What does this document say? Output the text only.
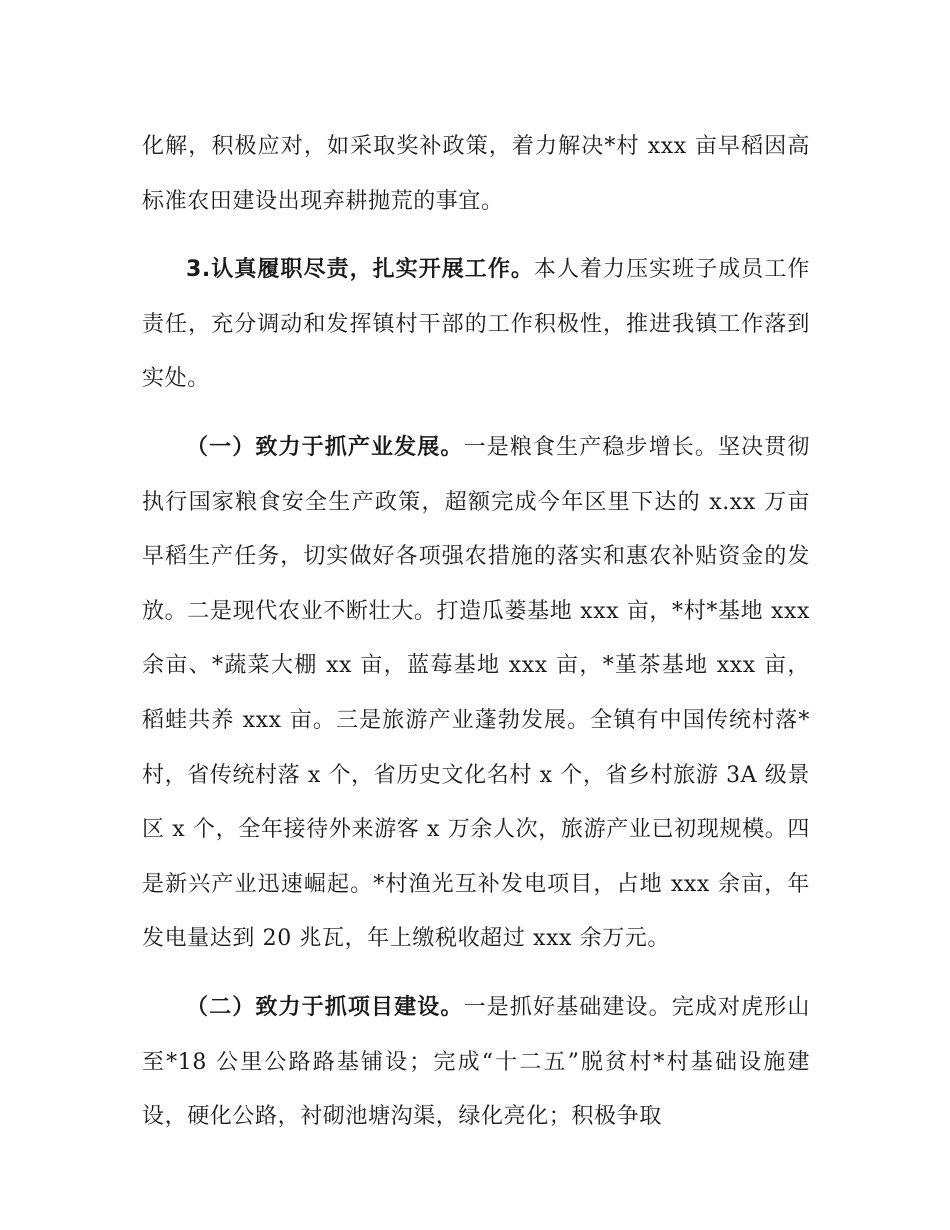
化解，积极应对，如采取奖补政策，着力解决*村 xxx 亩早稻因高标准农田建设出现弃耕抛荒的事宜。

3.认真履职尽责，扎实开展工作。本人着力压实班子成员工作责任，充分调动和发挥镇村干部的工作积极性，推进我镇工作落到实处。

（一）致力于抓产业发展。一是粮食生产稳步增长。坚决贯彻执行国家粮食安全生产政策，超额完成今年区里下达的 x.xx 万亩早稻生产任务，切实做好各项强农措施的落实和惠农补贴资金的发放。二是现代农业不断壮大。打造瓜蒌基地 xxx 亩，*村*基地 xxx 余亩、*蔬菜大棚 xx 亩，蓝莓基地 xxx 亩，*堇茶基地 xxx 亩，稻蛙共养 xxx 亩。三是旅游产业蓬勃发展。全镇有中国传统村落*村，省传统村落 x 个，省历史文化名村 x 个，省乡村旅游 3A 级景区 x 个，全年接待外来游客 x 万余人次，旅游产业已初现规模。四是新兴产业迅速崛起。*村渔光互补发电项目，占地 xxx 余亩，年发电量达到 20 兆瓦，年上缴税收超过 xxx 余万元。

（二）致力于抓项目建设。一是抓好基础建设。完成对虎形山至*18 公里公路路基铺设；完成“十二五”脱贫村*村基础设施建设，硬化公路，衬砌池塘沟渠，绿化亮化；积极争取
